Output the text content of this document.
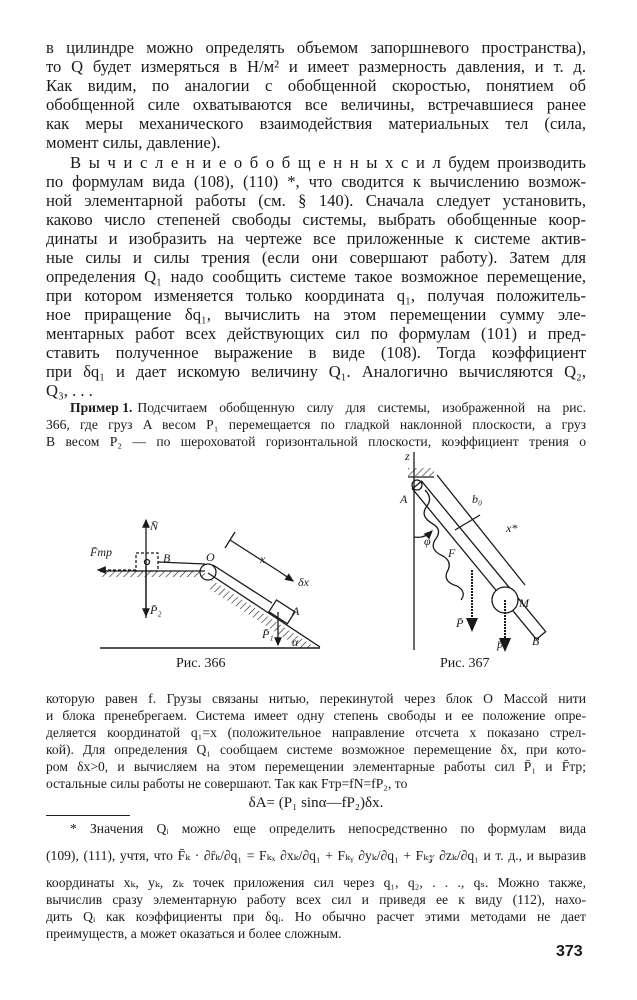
в цилиндре можно определять объемом запоршневого пространства),
то Q будет измеряться в Н/м² и имеет размерность давления, и т. д.
Как видим, по аналогии с обобщенной скоростью, понятием об
обобщенной силе охватываются все величины, встречавшиеся ранее
как меры механического взаимодействия материальных тел (сила,
момент силы, давление).
В ы ч и с л е н и е о б о б щ е н н ы х с и л будем производить
по формулам вида (108), (110) *, что сводится к вычислению возмож-
ной элементарной работы (см. § 140). Сначала следует установить,
каково число степеней свободы системы, выбрать обобщенные коор-
динаты и изобразить на чертеже все приложенные к системе актив-
ные силы и силы трения (если они совершают работу). Затем для
определения Q₁ надо сообщить системе такое возможное перемещение,
при котором изменяется только координата q₁, получая положитель-
ное приращение δq₁, вычислить на этом перемещении сумму эле-
ментарных работ всех действующих сил по формулам (101) и пред-
ставить полученное выражение в виде (108). Тогда коэффициент
при δq₁ и дает искомую величину Q₁. Аналогично вычисляются Q₂,
Q₃, . . .
Пример 1. Подсчитаем обобщенную силу для системы, изображенной на рис.
366, где груз A весом P₁ перемещается по гладкой наклонной плоскости, а груз
B весом P₂ — по шероховатой горизонтальной плоскости, коэффициент трения о
которую равен f. Грузы связаны нитью, перекинутой через блок O Массой нити
и блока пренебрегаем. Система имеет одну степень свободы и ее положение опре-
деляется координатой q₁=x (положительное направление отсчета x показано стрел-
кой). Для определения Q₁ сообщаем системе возможное перемещение δx, при кото-
ром δx>0, и вычисляем на этом перемещении элементарные работы сил P̄₁ и F̄тр;
остальные силы работы не совершают. Так как Fтр=fN=fP₂, то
δA= (P₁ sinα—fP₂)δx.
N̄
F̄тр	B	O	x
δx
A
P̄₂
P̄₁
α
z
A	b₀
φ
F
x*
M
P̄
p̄ B
Рис. 366	Рис. 367
* Значения Qᵢ можно еще определить непосредственно по формулам вида
(109), (111), учтя, что F̄ₖ · ∂r̄ₖ/∂q₁ = Fₖₓ ∂xₖ/∂q₁ + Fₖᵧ ∂yₖ/∂q₁ + Fₖ𝓏 ∂zₖ/∂q₁ и т. д., и выразив
координаты xₖ, yₖ, zₖ точек приложения сил через q₁, q₂, . . ., qₛ. Можно также,
вычислив сразу элементарную работу всех сил и приведя ее к виду (112), нахо-
дить Qᵢ как коэффициенты при δqᵢ. Но обычно расчет этими методами не дает
преимуществ, а может оказаться и более сложным.
373
